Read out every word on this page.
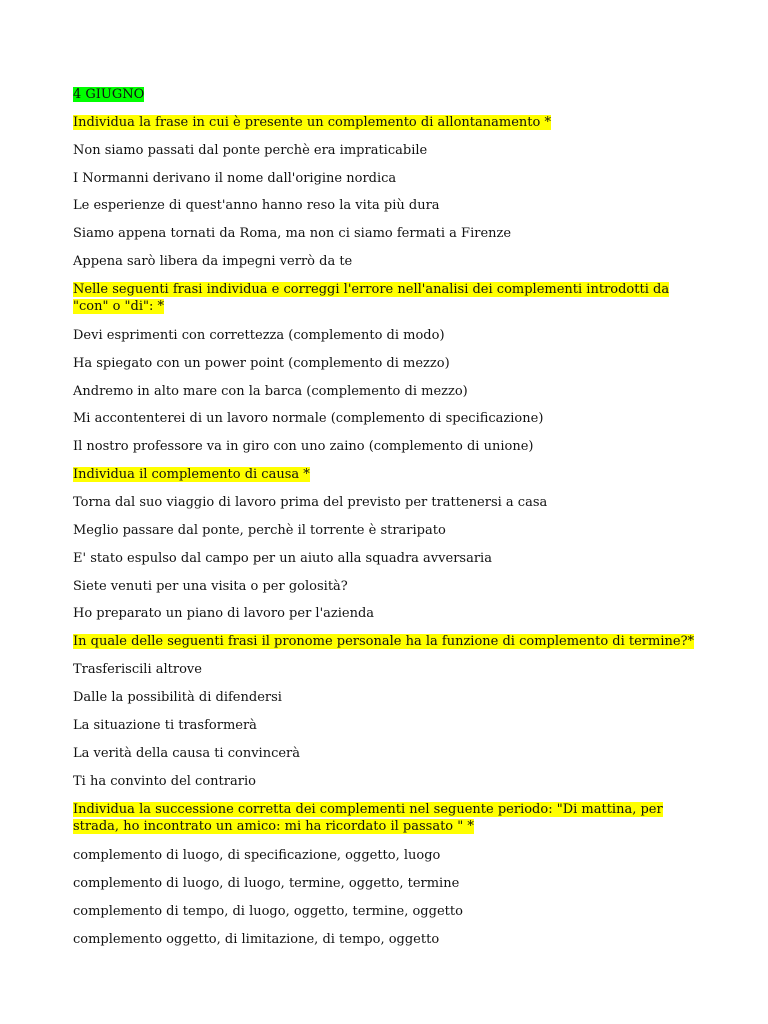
4 GIUGNO
Individua la frase in cui è presente un complemento di allontanamento *
Non siamo passati dal ponte perchè era impraticabile
I Normanni derivano il nome dall'origine nordica
Le esperienze di quest'anno hanno reso la vita più dura
Siamo appena tornati da Roma, ma non ci siamo fermati a Firenze
Appena sarò libera da impegni verrò da te
Nelle seguenti frasi individua e correggi l'errore nell'analisi dei complementi introdotti da
"con" o "di": *
Devi esprimenti con correttezza (complemento di modo)
Ha spiegato con un power point (complemento di mezzo)
Andremo in alto mare con la barca (complemento di mezzo)
Mi accontenterei di un lavoro normale (complemento di specificazione)
Il nostro professore va in giro con uno zaino (complemento di unione)
Individua il complemento di causa *
Torna dal suo viaggio di lavoro prima del previsto per trattenersi a casa
Meglio passare dal ponte, perchè il torrente è straripato
E' stato espulso dal campo per un aiuto alla squadra avversaria
Siete venuti per una visita o per golosità?
Ho preparato un piano di lavoro per l'azienda
In quale delle seguenti frasi il pronome personale ha la funzione di complemento di termine?*
Trasferiscili altrove
Dalle la possibilità di difendersi
La situazione ti trasformerà
La verità della causa ti convincerà
Ti ha convinto del contrario
Individua la successione corretta dei complementi nel seguente periodo: "Di mattina, per
strada, ho incontrato un amico: mi ha ricordato il passato " *
complemento di luogo, di specificazione, oggetto, luogo
complemento di luogo, di luogo, termine, oggetto, termine
complemento di tempo, di luogo, oggetto, termine, oggetto
complemento oggetto, di limitazione, di tempo, oggetto
